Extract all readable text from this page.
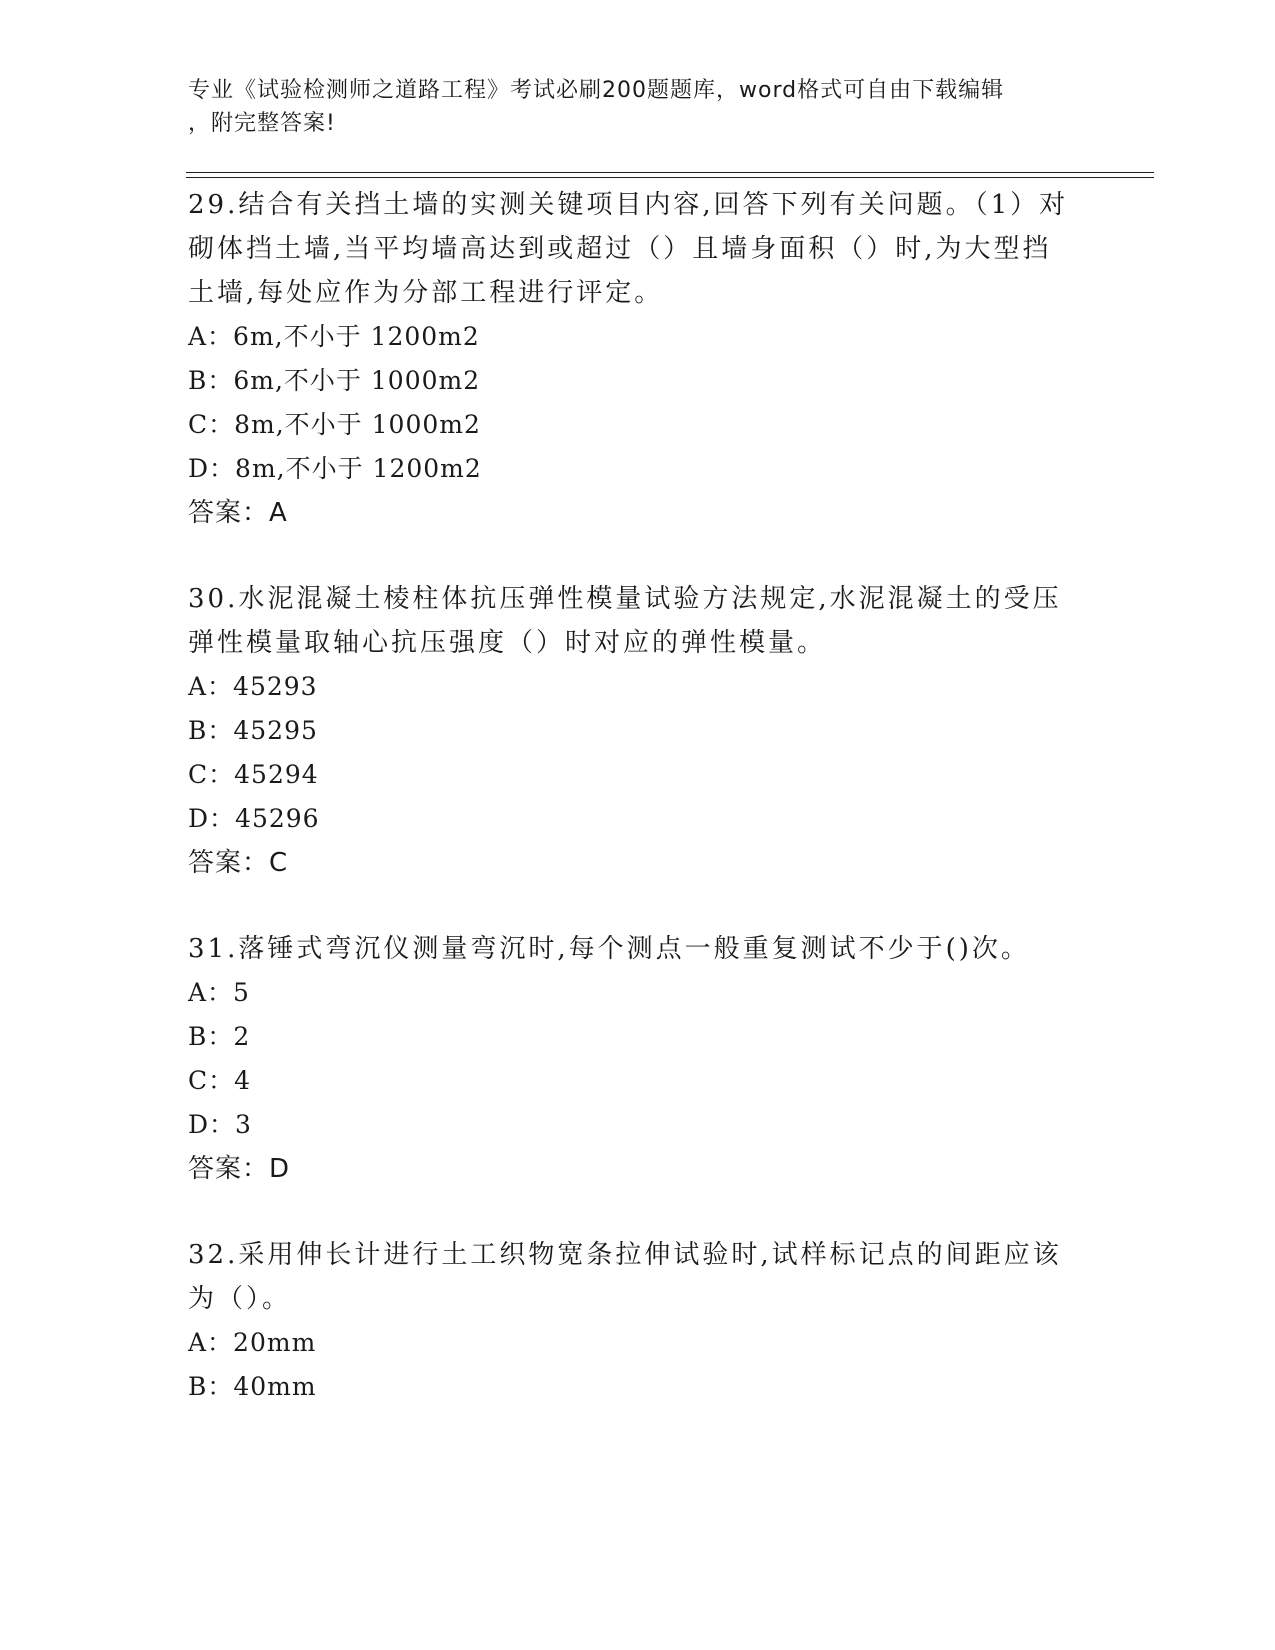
专业《试验检测师之道路工程》考试必刷200题题库，word格式可自由下载编辑
，附完整答案!
29.结合有关挡土墙的实测关键项目内容,回答下列有关问题。（1）对
砌体挡土墙,当平均墙高达到或超过（）且墙身面积（）时,为大型挡
土墙,每处应作为分部工程进行评定。
A：6m,不小于 1200m2
B：6m,不小于 1000m2
C：8m,不小于 1000m2
D：8m,不小于 1200m2
答案：A
30.水泥混凝土棱柱体抗压弹性模量试验方法规定,水泥混凝土的受压
弹性模量取轴心抗压强度（）时对应的弹性模量。
A：45293
B：45295
C：45294
D：45296
答案：C
31.落锤式弯沉仪测量弯沉时,每个测点一般重复测试不少于()次。
A：5
B：2
C：4
D：3
答案：D
32.采用伸长计进行土工织物宽条拉伸试验时,试样标记点的间距应该
为（）。
A：20mm
B：40mm
